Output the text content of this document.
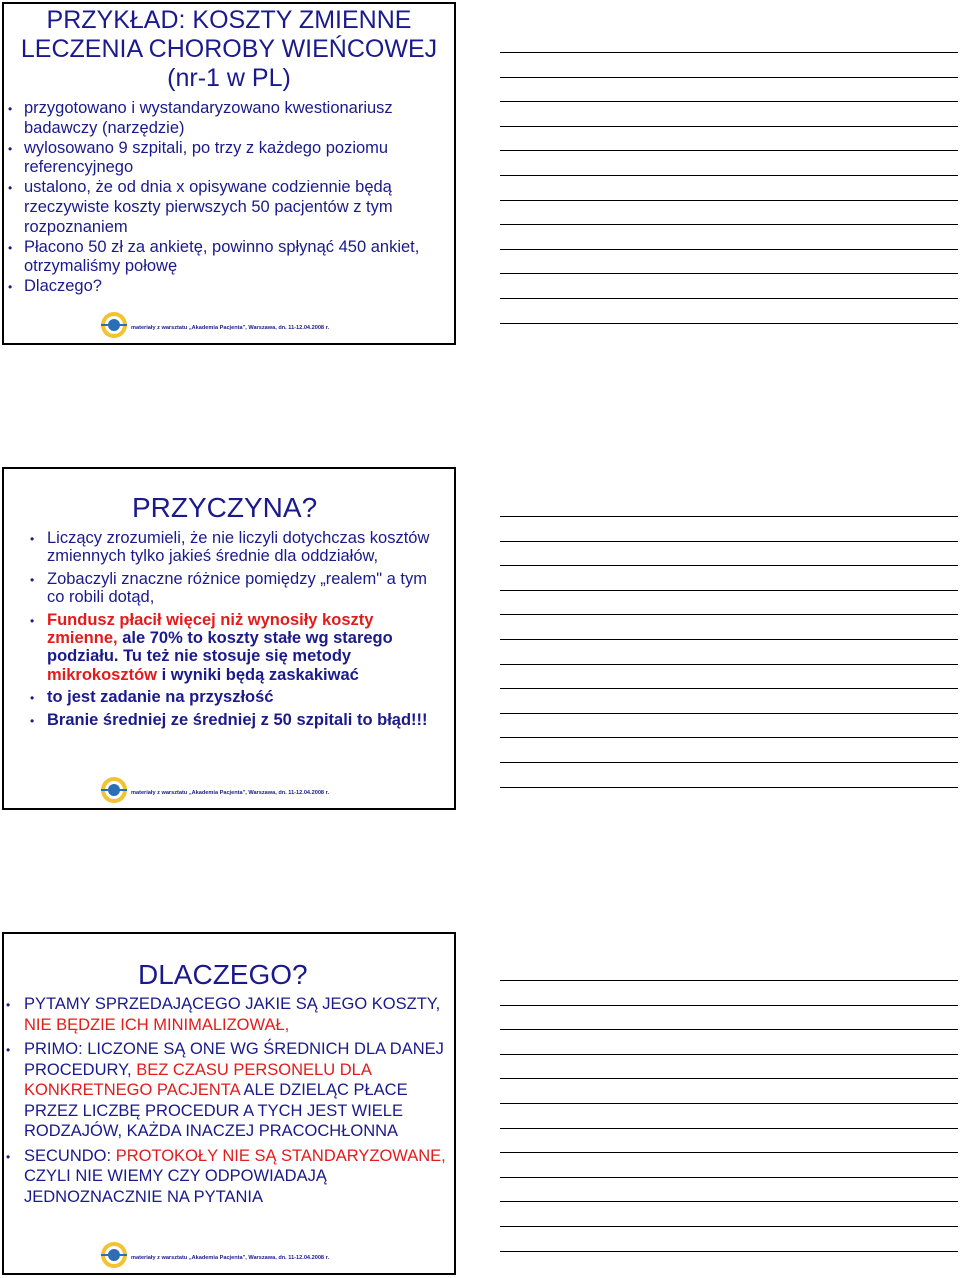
PRZYKŁAD: KOSZTY ZMIENNE
LECZENIA CHOROBY WIEŃCOWEJ
(nr-1 w PL)
• przygotowano i wystandaryzowano kwestionariusz badawczy (narzędzie)
• wylosowano 9 szpitali, po trzy z każdego poziomu referencyjnego
• ustalono, że od dnia x opisywane codziennie będą rzeczywiste koszty pierwszych 50 pacjentów z tym rozpoznaniem
• Płacono 50 zł za ankietę, powinno spłynąć 450 ankiet, otrzymaliśmy połowę
• Dlaczego?
materiały z warsztatu „Akademia Pacjenta", Warszawa, dn. 11-12.04.2008 r.
PRZYCZYNA?
• Liczący zrozumieli, że nie liczyli dotychczas kosztów zmiennych tylko jakieś średnie dla oddziałów,
• Zobaczyli znaczne różnice pomiędzy „realem" a tym co robili dotąd,
• Fundusz płacił więcej niż wynosiły koszty zmienne, ale 70% to koszty stałe wg starego podziału. Tu też nie stosuje się metody mikrokosztów i wyniki będą zaskakiwać
• to jest zadanie na przyszłość
• Branie średniej ze średniej z 50 szpitali to błąd!!!
materiały z warsztatu „Akademia Pacjenta", Warszawa, dn. 11-12.04.2008 r.
DLACZEGO?
• PYTAMY SPRZEDAJĄCEGO JAKIE SĄ JEGO KOSZTY, NIE BĘDZIE ICH MINIMALIZOWAŁ,
• PRIMO: LICZONE SĄ ONE WG ŚREDNICH DLA DANEJ PROCEDURY, BEZ CZASU PERSONELU DLA KONKRETNEGO PACJENTA ALE DZIELĄC PŁACE PRZEZ LICZBĘ PROCEDUR A TYCH JEST WIELE RODZAJÓW, KAŻDA INACZEJ PRACOCHŁONNA
• SECUNDO: PROTOKOŁY NIE SĄ STANDARYZOWANE, CZYLI NIE WIEMY CZY ODPOWIADAJĄ JEDNOZNACZNIE NA PYTANIA
materiały z warsztatu „Akademia Pacjenta", Warszawa, dn. 11-12.04.2008 r.
